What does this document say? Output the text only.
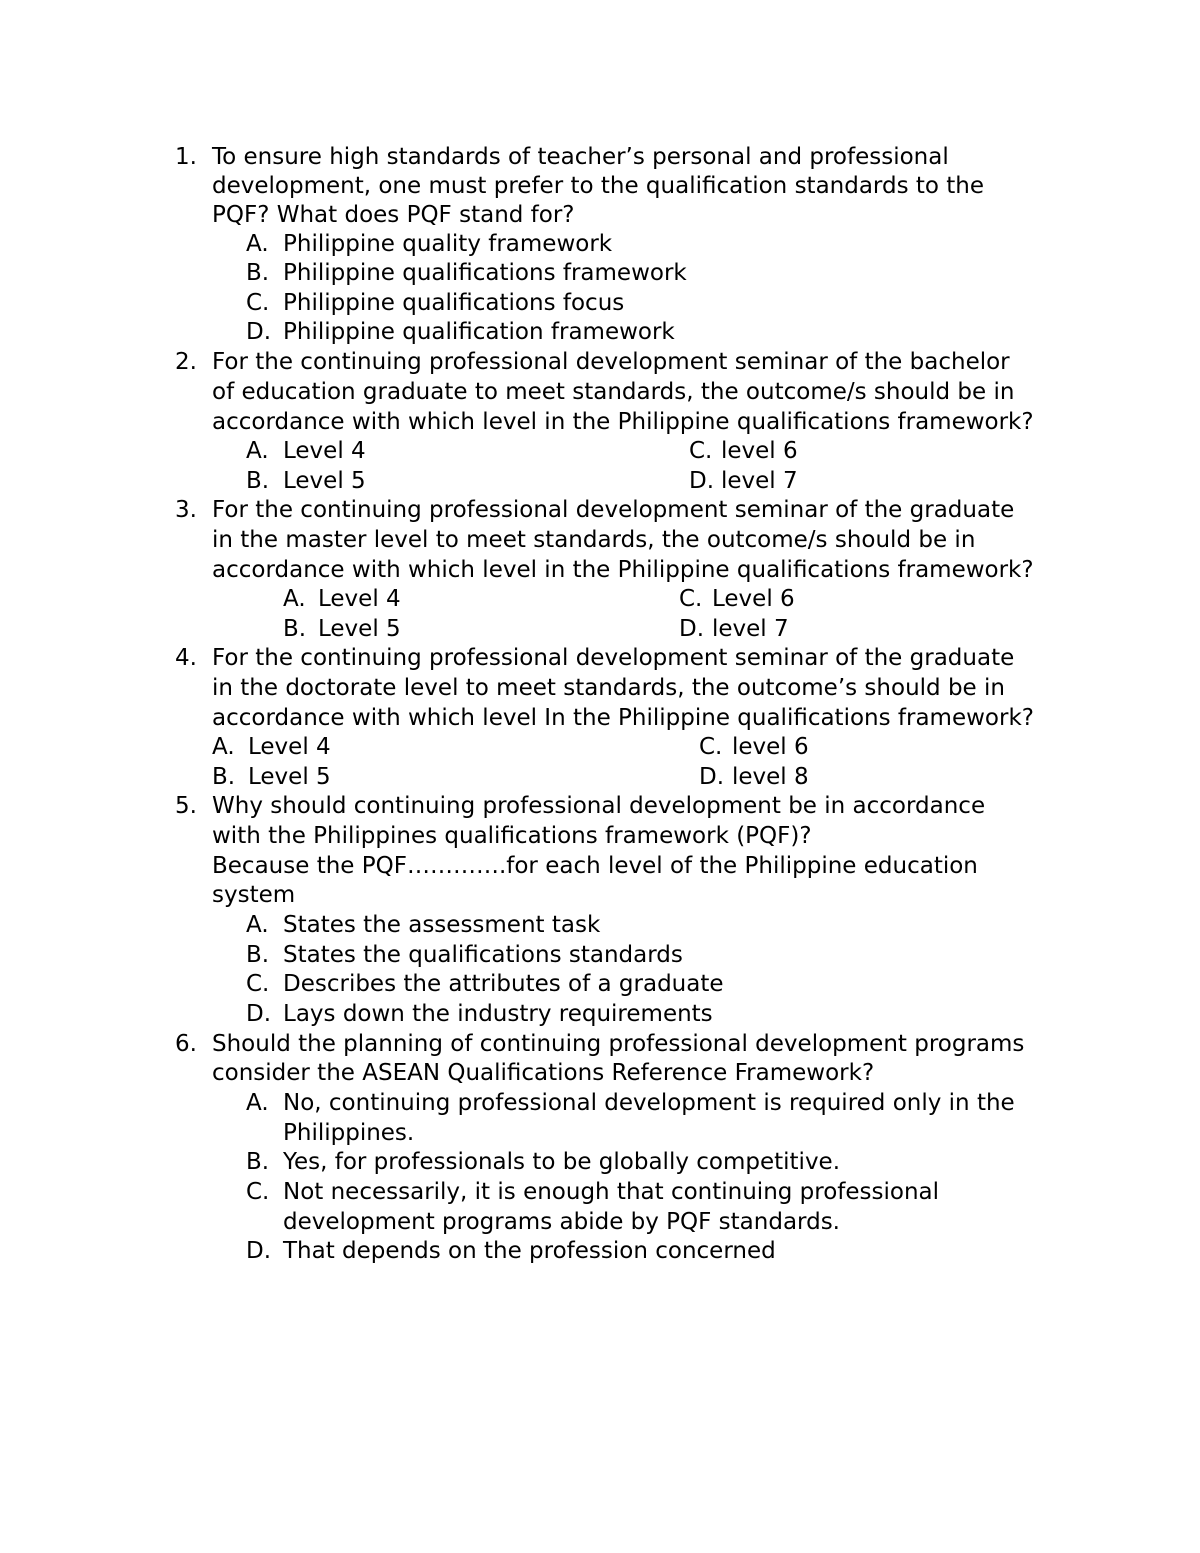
1. To ensure high standards of teacher’s personal and professional
development, one must prefer to the qualification standards to the
PQF? What does PQF stand for?
A. Philippine quality framework
B. Philippine qualifications framework
C. Philippine qualifications focus
D. Philippine qualification framework
2. For the continuing professional development seminar of the bachelor
of education graduate to meet standards, the outcome/s should be in
accordance with which level in the Philippine qualifications framework?
A. Level 4	C. level 6
B. Level 5	D. level 7
3. For the continuing professional development seminar of the graduate
in the master level to meet standards, the outcome/s should be in
accordance with which level in the Philippine qualifications framework?
A. Level 4	C. Level 6
B. Level 5	D. level 7
4. For the continuing professional development seminar of the graduate
in the doctorate level to meet standards, the outcome’s should be in
accordance with which level In the Philippine qualifications framework?
A. Level 4	C. level 6
B. Level 5	D. level 8
5. Why should continuing professional development be in accordance
with the Philippines qualifications framework (PQF)?
Because the PQF………….for each level of the Philippine education
system
A. States the assessment task
B. States the qualifications standards
C. Describes the attributes of a graduate
D. Lays down the industry requirements
6. Should the planning of continuing professional development programs
consider the ASEAN Qualifications Reference Framework?
A. No, continuing professional development is required only in the
Philippines.
B. Yes, for professionals to be globally competitive.
C. Not necessarily, it is enough that continuing professional
development programs abide by PQF standards.
D. That depends on the profession concerned
